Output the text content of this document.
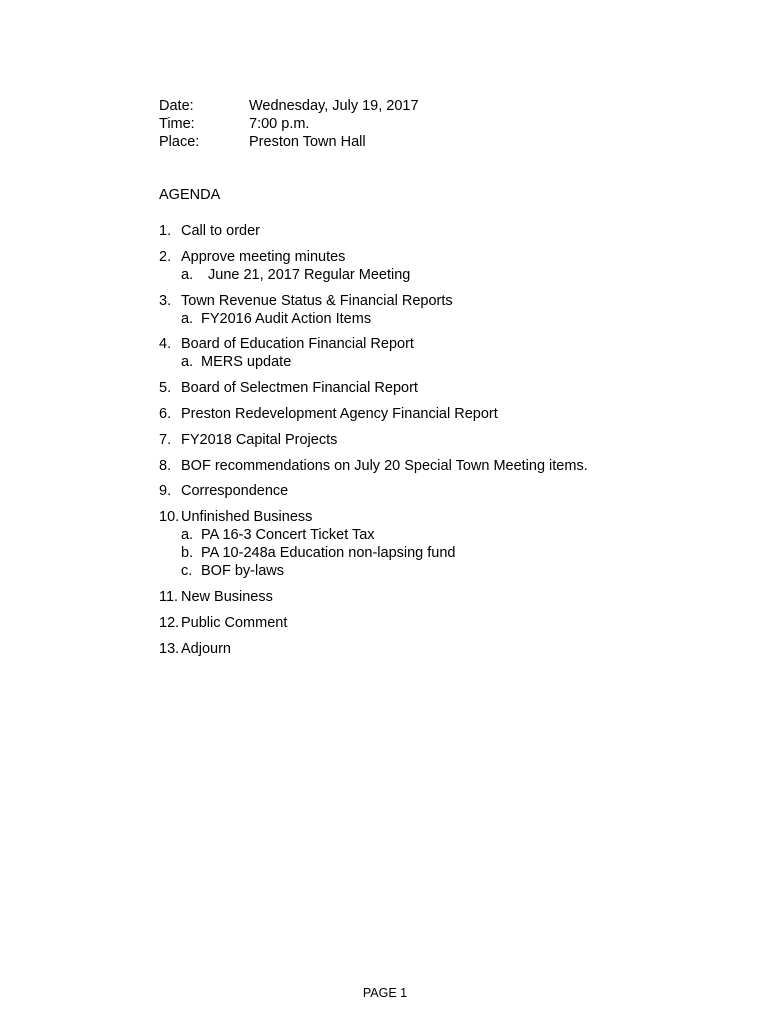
Date:	Wednesday, July 19, 2017
Time:	7:00 p.m.
Place:	Preston Town Hall
AGENDA
1. Call to order
2. Approve meeting minutes
a.	June 21, 2017 Regular Meeting
3. Town Revenue Status & Financial Reports
a. FY2016 Audit Action Items
4. Board of Education Financial Report
a. MERS update
5. Board of Selectmen Financial Report
6. Preston Redevelopment Agency Financial Report
7. FY2018 Capital Projects
8. BOF recommendations on July 20 Special Town Meeting items.
9. Correspondence
10. Unfinished Business
a. PA 16-3 Concert Ticket Tax
b. PA 10-248a Education non-lapsing fund
c. BOF by-laws
11. New Business
12. Public Comment
13. Adjourn
PAGE 1
